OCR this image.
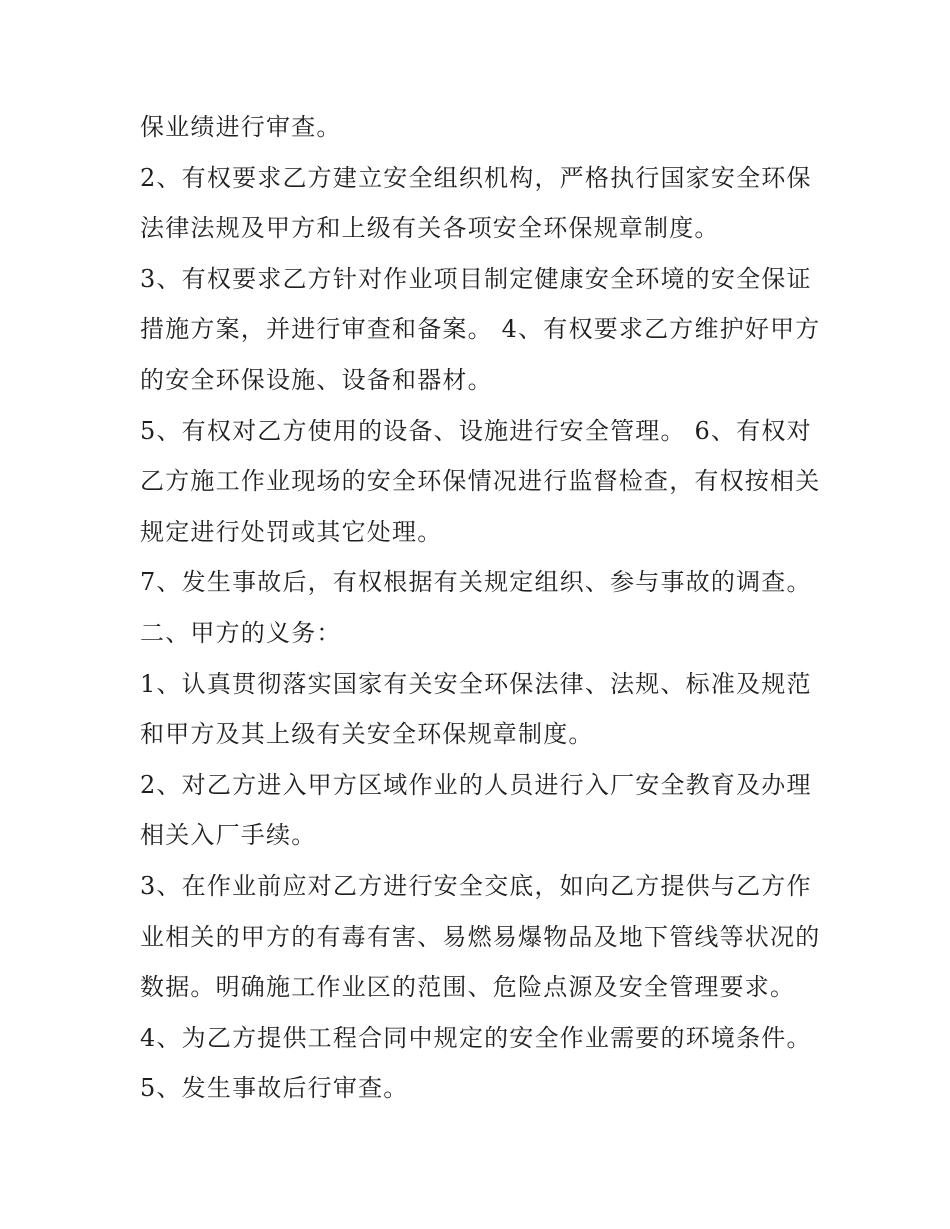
保业绩进行审查。
2、有权要求乙方建立安全组织机构，严格执行国家安全环保
法律法规及甲方和上级有关各项安全环保规章制度。
3、有权要求乙方针对作业项目制定健康安全环境的安全保证
措施方案，并进行审查和备案。 4、有权要求乙方维护好甲方
的安全环保设施、设备和器材。
5、有权对乙方使用的设备、设施进行安全管理。 6、有权对
乙方施工作业现场的安全环保情况进行监督检查，有权按相关
规定进行处罚或其它处理。
7、发生事故后，有权根据有关规定组织、参与事故的调查。
二、甲方的义务：
1、认真贯彻落实国家有关安全环保法律、法规、标准及规范
和甲方及其上级有关安全环保规章制度。
2、对乙方进入甲方区域作业的人员进行入厂安全教育及办理
相关入厂手续。
3、在作业前应对乙方进行安全交底，如向乙方提供与乙方作
业相关的甲方的有毒有害、易燃易爆物品及地下管线等状况的
数据。明确施工作业区的范围、危险点源及安全管理要求。
4、为乙方提供工程合同中规定的安全作业需要的环境条件。
5、发生事故后行审查。
